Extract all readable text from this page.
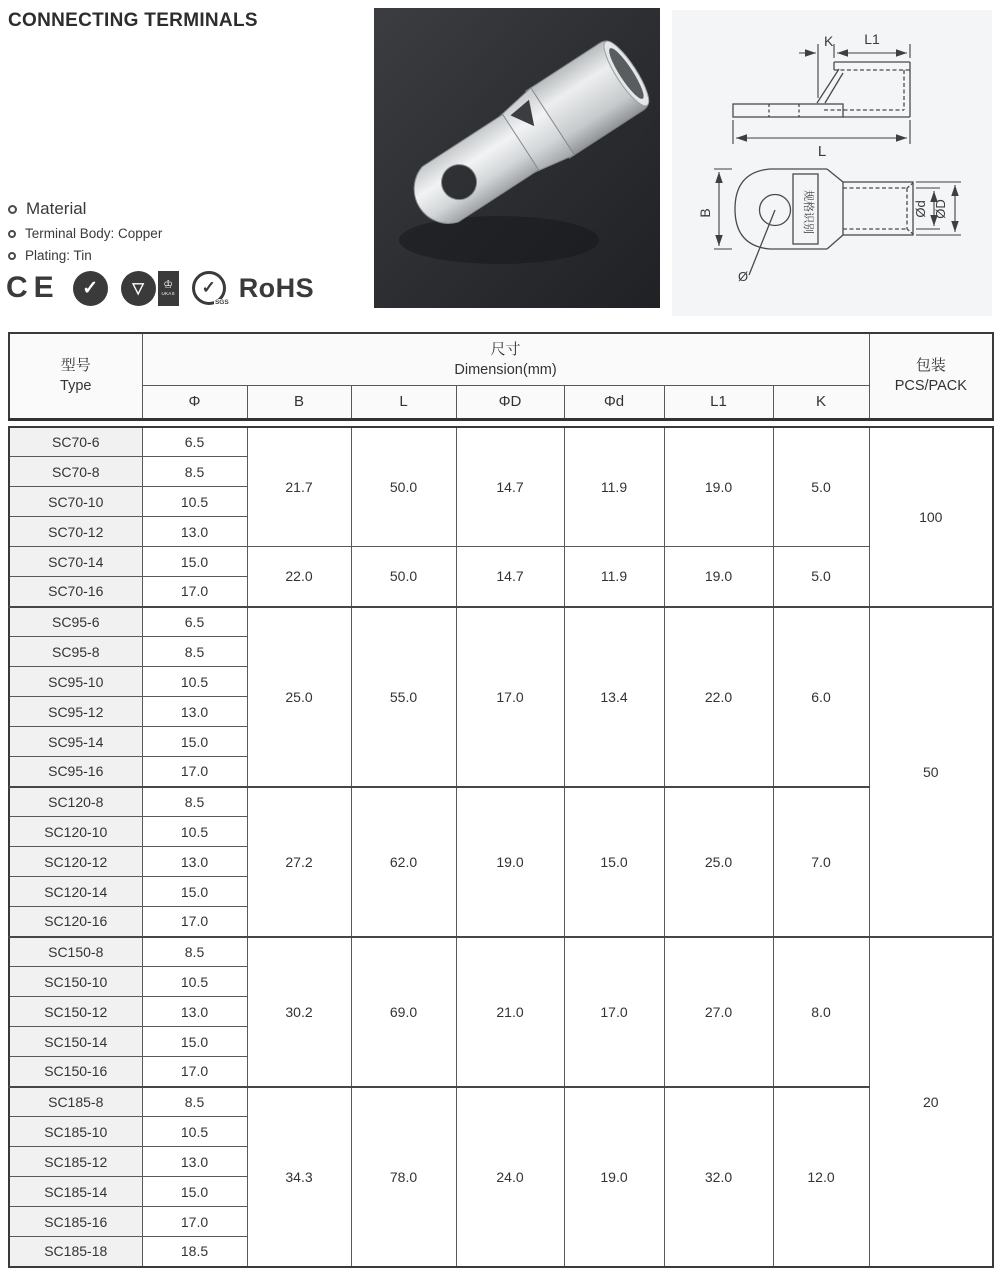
CONNECTING TERMINALS
Material
Terminal Body: Copper
Plating: Tin
CE ✓ ▽ ♔
UKAS ✓
SGS RoHS
K L1
L

B
Ø
Ød ØD
规格识别
型号
Type

尺寸
Dimension(mm)	包装
PCS/PACK

	Φ	B	L	ΦD	Φd	L1	K	
SC70-6	6.5	21.7	50.0	14.7	11.9	19.0	5.0	100
SC70-8	8.5							
SC70-10	10.5							
SC70-12	13.0							
SC70-14	15.0	22.0	50.0	14.7	11.9	19.0	5.0	
SC70-16	17.0							
SC95-6	6.5	25.0	55.0	17.0	13.4	22.0	6.0	50
SC95-8	8.5							
SC95-10	10.5							
SC95-12	13.0							
SC95-14	15.0							
SC95-16	17.0							
SC120-8	8.5	27.2	62.0	19.0	15.0	25.0	7.0	
SC120-10	10.5							
SC120-12	13.0							
SC120-14	15.0							
SC120-16	17.0							
SC150-8	8.5	30.2	69.0	21.0	17.0	27.0	8.0	20
SC150-10	10.5							
SC150-12	13.0							
SC150-14	15.0							
SC150-16	17.0							
SC185-8	8.5	34.3	78.0	24.0	19.0	32.0	12.0	
SC185-10	10.5							
SC185-12	13.0							
SC185-14	15.0							
SC185-16	17.0							
SC185-18	18.5							
